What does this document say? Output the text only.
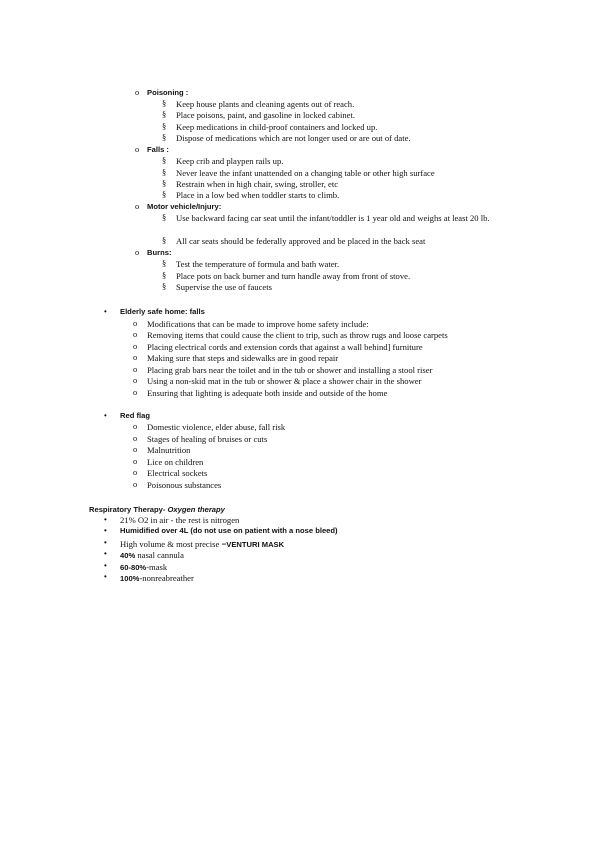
o Poisoning :
§ Keep house plants and cleaning agents out of reach.
§ Place poisons, paint, and gasoline in locked cabinet.
§ Keep medications in child-proof containers and locked up.
§ Dispose of medications which are not longer used or are out of date.
o Falls :
§ Keep crib and playpen rails up.
§ Never leave the infant unattended on a changing table or other high surface
§ Restrain when in high chair, swing, stroller, etc
§ Place in a low bed when toddler starts to climb.
o Motor vehicle/Injury:
§ Use backward facing car seat until the infant/toddler is 1 year old and weighs at least 20 lb.
§ All car seats should be federally approved and be placed in the back seat
o Burns:
§ Test the temperature of formula and bath water.
§ Place pots on back burner and turn handle away from front of stove.
§ Supervise the use of faucets
• Elderly safe home: falls
o Modifications that can be made to improve home safety include:
o Removing items that could cause the client to trip, such as throw rugs and loose carpets
o Placing electrical cords and extension cords that against a wall behind] furniture
o Making sure that steps and sidewalks are in good repair
o Placing grab bars near the toilet and in the tub or shower and installing a stool riser
o Using a non-skid mat in the tub or shower & place a shower chair in the shower
o Ensuring that lighting is adequate both inside and outside of the home
• Red flag
o Domestic violence, elder abuse, fall risk
o Stages of healing of bruises or cuts
o Malnutrition
o Lice on children
o Electrical sockets
o Poisonous substances
Respiratory Therapy- Oxygen therapy
• 21% O2 in air - the rest is nitrogen
• Humidified over 4L (do not use on patient with a nose bleed)
• High volume & most precise =VENTURI MASK
• 40% nasal cannula
• 60-80%-mask
• 100%-nonreabreather
